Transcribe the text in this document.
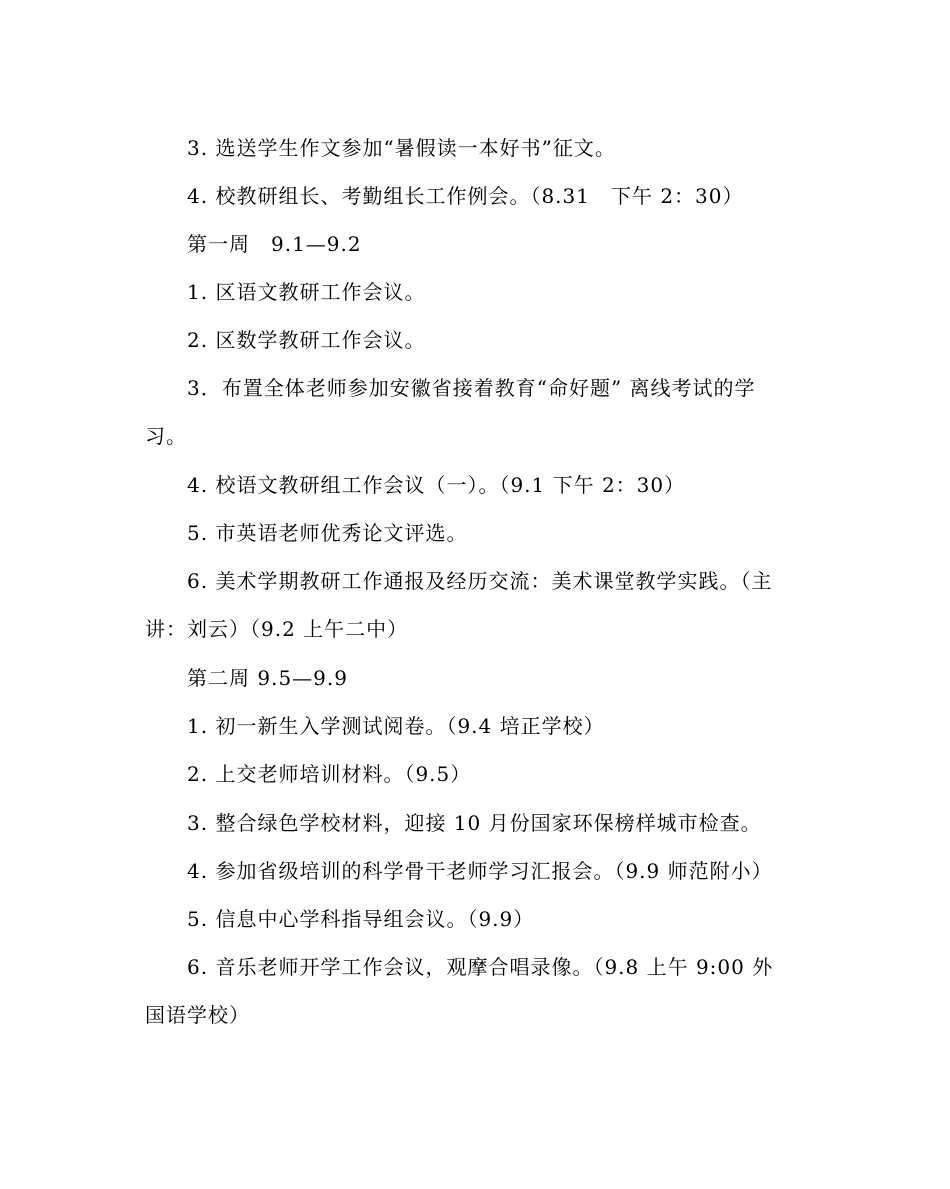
3. 选送学生作文参加“暑假读一本好书”征文。
4. 校教研组长、考勤组长工作例会。（8.31　下午 2：30）
第一周　9.1—9.2
1. 区语文教研工作会议。
2. 区数学教研工作会议。
3．布置全体老师参加安徽省接着教育“命好题” 离线考试的学
习。
4. 校语文教研组工作会议（一）。（9.1 下午 2：30）
5. 市英语老师优秀论文评选。
6. 美术学期教研工作通报及经历交流：美术课堂教学实践。（主
讲：刘云）（9.2 上午二中）
第二周 9.5—9.9
1. 初一新生入学测试阅卷。（9.4 培正学校）
2. 上交老师培训材料。（9.5）
3. 整合绿色学校材料，迎接 10 月份国家环保榜样城市检查。
4. 参加省级培训的科学骨干老师学习汇报会。（9.9 师范附小）
5. 信息中心学科指导组会议。（9.9）
6. 音乐老师开学工作会议，观摩合唱录像。（9.8 上午 9:00 外
国语学校）
